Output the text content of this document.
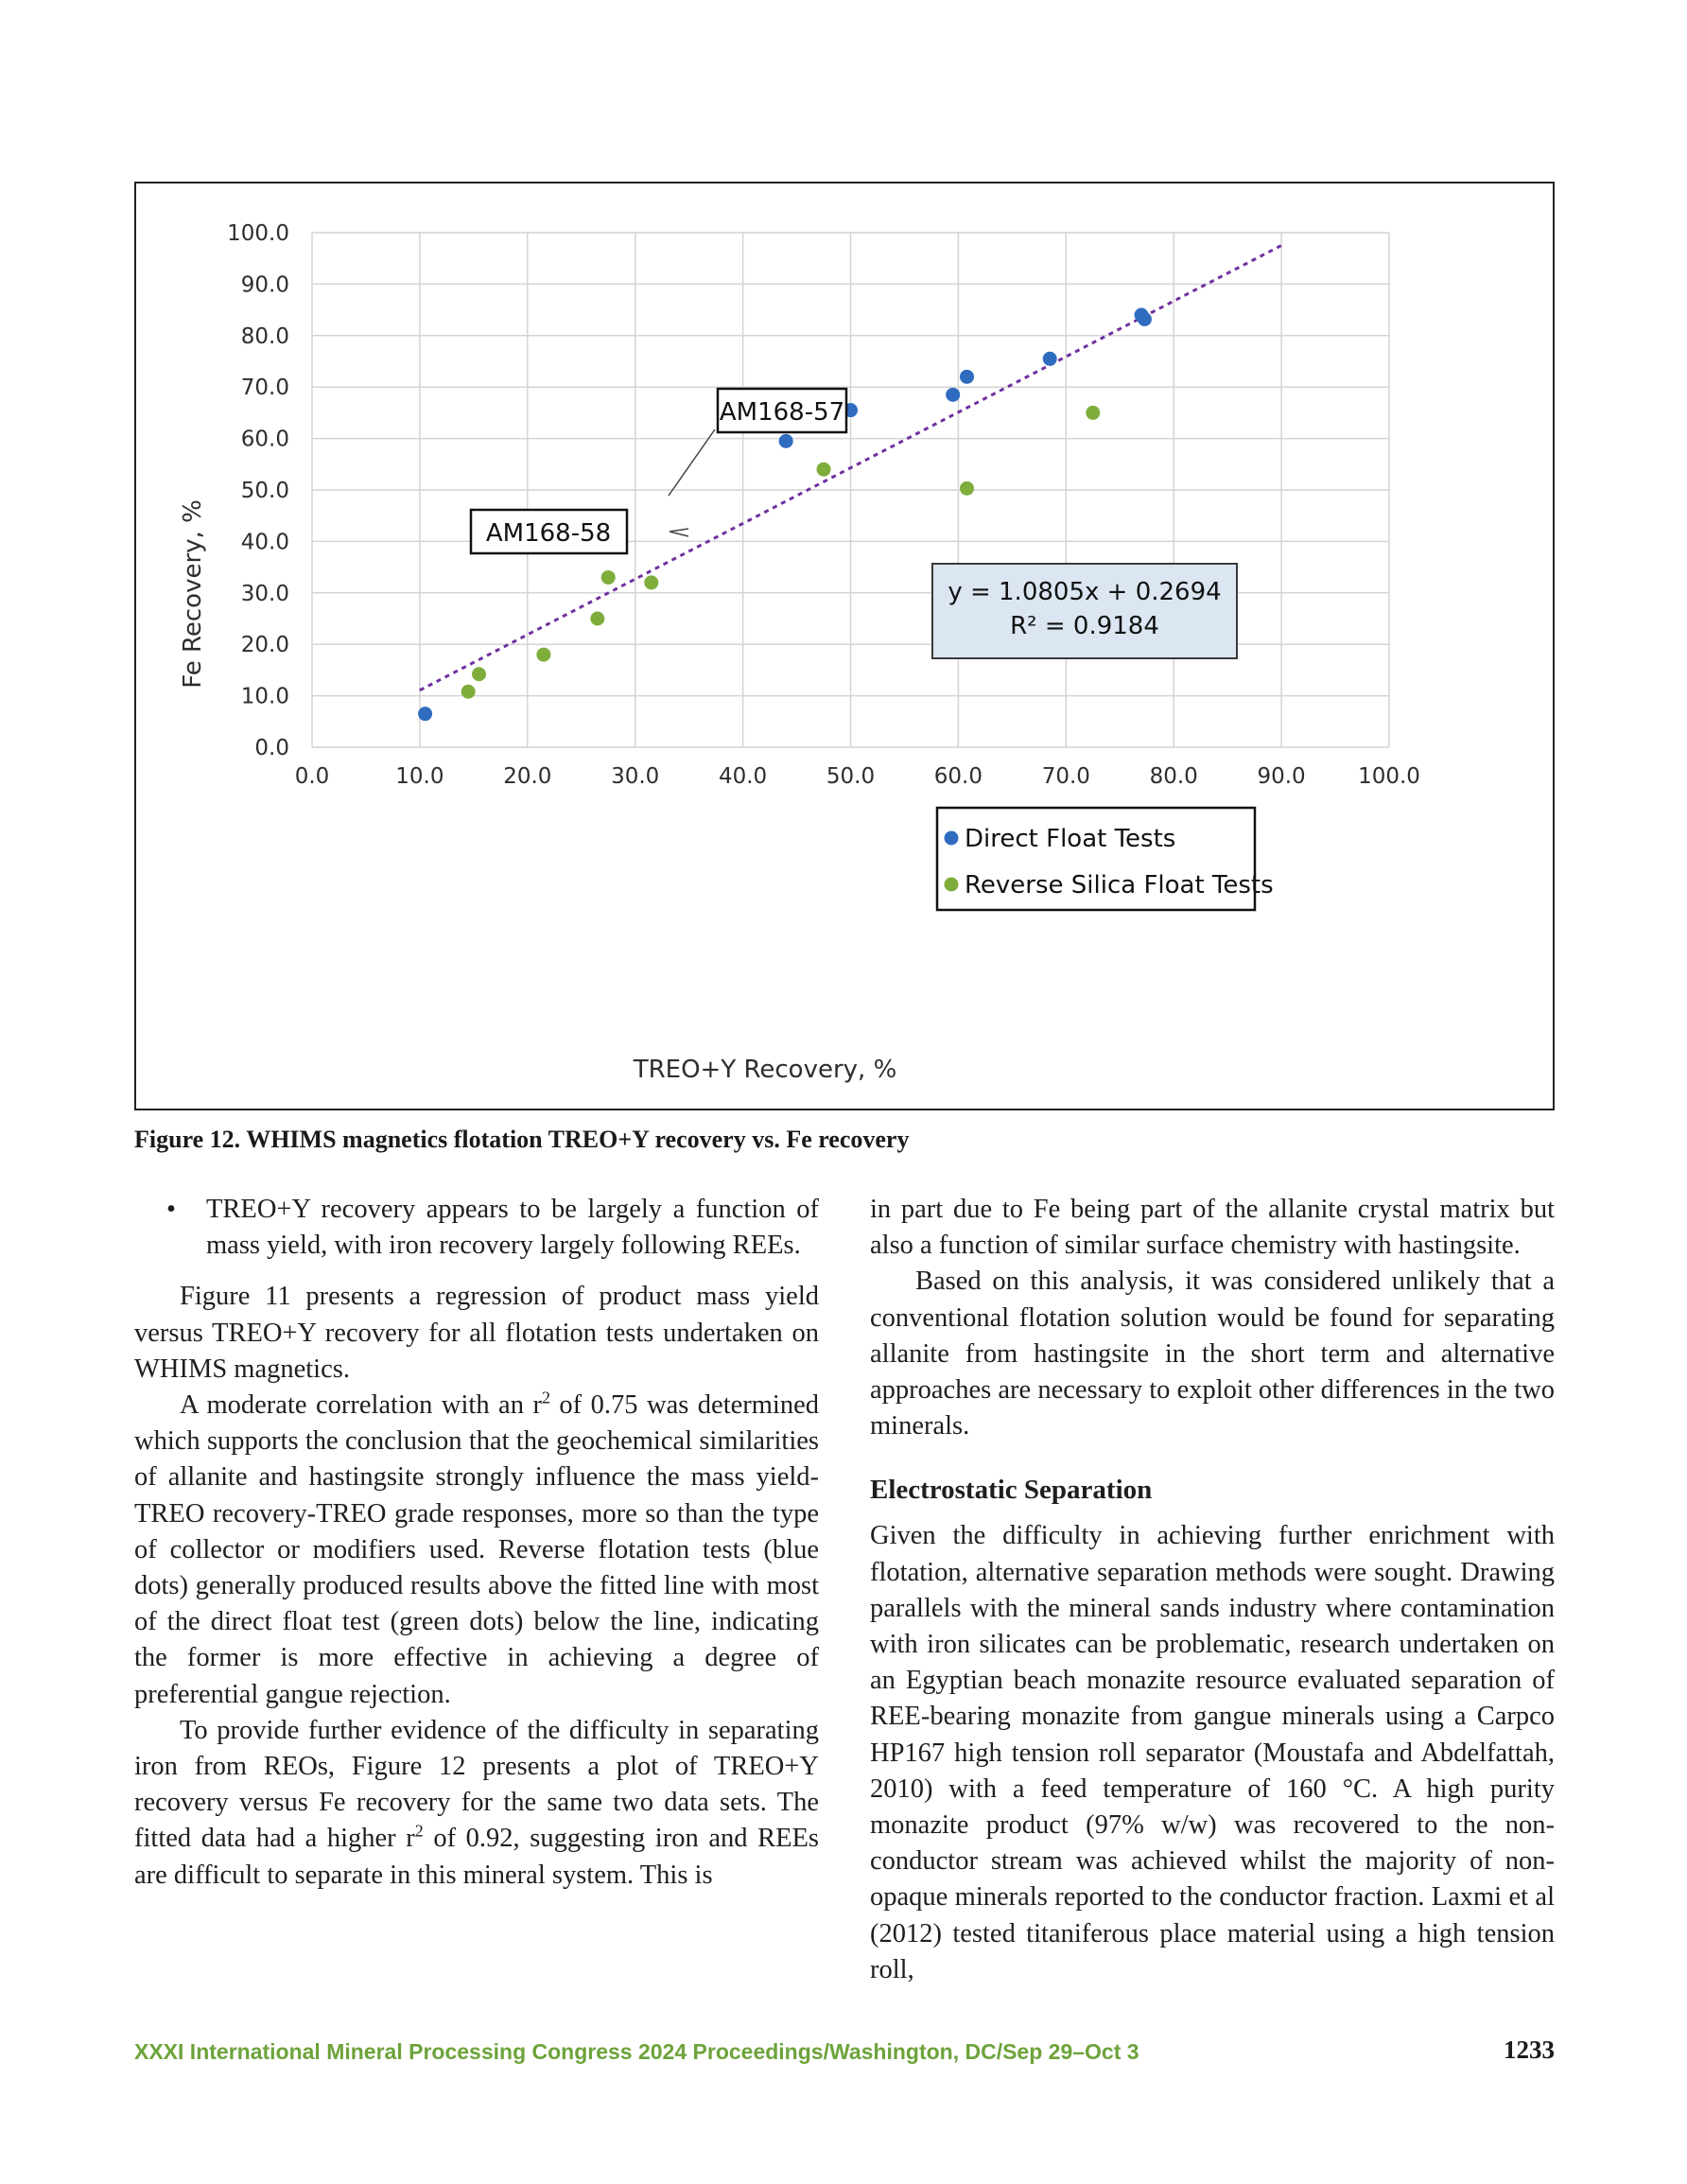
0.0	10.0	20.0	30.0	40.0	50.0	60.0	70.0	80.0	90.0 100.0
0.0
10.0
20.0
30.0
40.0
50.0
60.0
70.0
80.0
90.0
100.0
TREO+Y Recovery, %
Fe Recovery, %
AM168-57
AM168-58
y = 1.0805x + 0.2694
R² = 0.9184
Direct Float Tests
Reverse Silica Float Tests
Figure 12. WHIMS magnetics flotation TREO+Y recovery vs. Fe recovery
• TREO+Y recovery appears to be largely a function of mass yield, with iron recovery largely following REEs.

Figure 11 presents a regression of product mass yield versus TREO+Y recovery for all flotation tests undertaken on WHIMS magnetics.

A moderate correlation with an $r^2$ of 0.75 was determined which supports the conclusion that the geochemical similarities of allanite and hastingsite strongly influence the mass yield-TREO recovery-TREO grade responses, more so than the type of collector or modifiers used. Reverse flotation tests (blue dots) generally produced results above the fitted line with most of the direct float test (green dots) below the line, indicating the former is more effective in achieving a degree of preferential gangue rejection.

To provide further evidence of the difficulty in separating iron from REOs, Figure 12 presents a plot of TREO+Y recovery versus Fe recovery for the same two data sets. The fitted data had a higher $r^2$ of 0.92, suggesting iron and REEs are difficult to separate in this mineral system. This is

in part due to Fe being part of the allanite crystal matrix but also a function of similar surface chemistry with hastingsite.

Based on this analysis, it was considered unlikely that a conventional flotation solution would be found for separating allanite from hastingsite in the short term and alternative approaches are necessary to exploit other differences in the two minerals.

Electrostatic Separation

Given the difficulty in achieving further enrichment with flotation, alternative separation methods were sought. Drawing parallels with the mineral sands industry where contamination with iron silicates can be problematic, research undertaken on an Egyptian beach monazite resource evaluated separation of REE-bearing monazite from gangue minerals using a Carpco HP167 high tension roll separator (Moustafa and Abdelfattah, 2010) with a feed temperature of 160 °C. A high purity monazite product (97% w/w) was recovered to the non-conductor stream was achieved whilst the majority of non-opaque minerals reported to the conductor fraction. Laxmi et al (2012) tested titaniferous place material using a high tension roll,

XXXI International Mineral Processing Congress 2024 Proceedings/Washington, DC/Sep 29–Oct 3	1233
